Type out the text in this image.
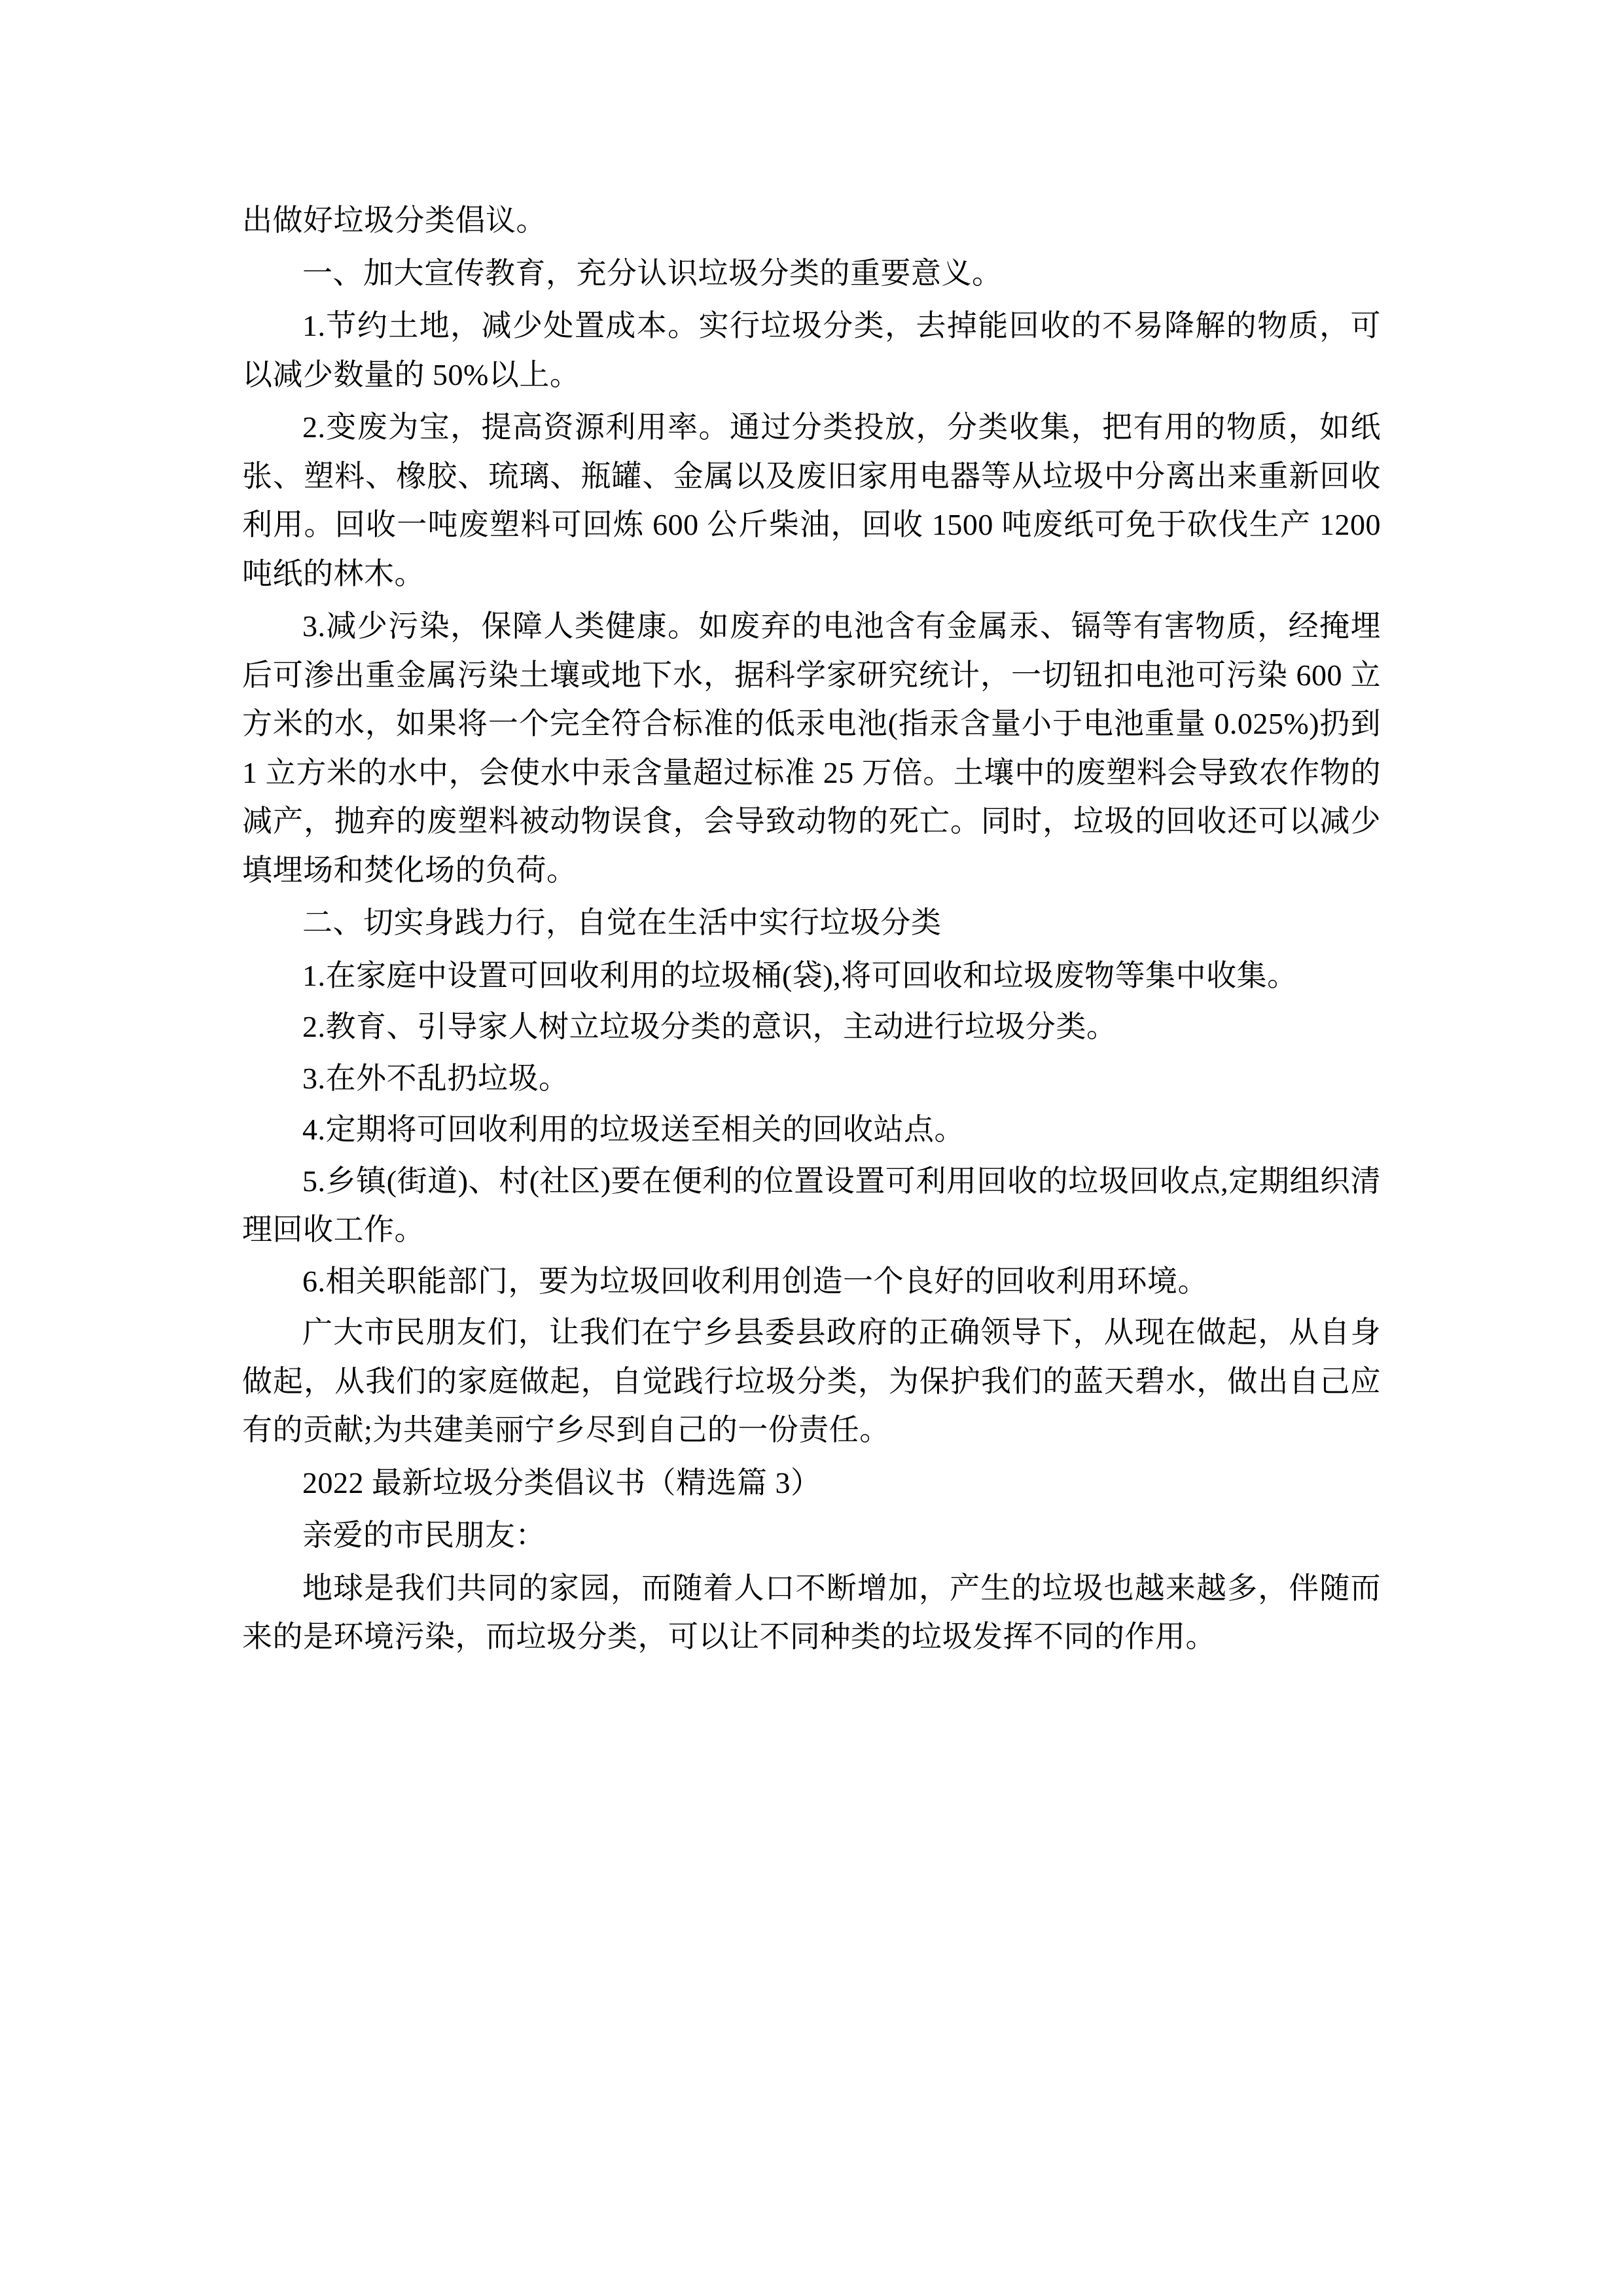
出做好垃圾分类倡议。

一、加大宣传教育，充分认识垃圾分类的重要意义。

1.节约土地，减少处置成本。实行垃圾分类，去掉能回收的不易降解的物质，可以减少数量的 50%以上。

2.变废为宝，提高资源利用率。通过分类投放，分类收集，把有用的物质，如纸张、塑料、橡胶、琉璃、瓶罐、金属以及废旧家用电器等从垃圾中分离出来重新回收利用。回收一吨废塑料可回炼 600 公斤柴油，回收 1500 吨废纸可免于砍伐生产 1200 吨纸的林木。

3.减少污染，保障人类健康。如废弃的电池含有金属汞、镉等有害物质，经掩埋后可渗出重金属污染土壤或地下水，据科学家研究统计，一切钮扣电池可污染 600 立方米的水，如果将一个完全符合标准的低汞电池(指汞含量小于电池重量 0.025%)扔到 1 立方米的水中，会使水中汞含量超过标准 25 万倍。土壤中的废塑料会导致农作物的减产，抛弃的废塑料被动物误食，会导致动物的死亡。同时，垃圾的回收还可以减少填埋场和焚化场的负荷。

二、切实身践力行，自觉在生活中实行垃圾分类

1.在家庭中设置可回收利用的垃圾桶(袋),将可回收和垃圾废物等集中收集。

2.教育、引导家人树立垃圾分类的意识，主动进行垃圾分类。

3.在外不乱扔垃圾。

4.定期将可回收利用的垃圾送至相关的回收站点。

5.乡镇(街道)、村(社区)要在便利的位置设置可利用回收的垃圾回收点,定期组织清理回收工作。

6.相关职能部门，要为垃圾回收利用创造一个良好的回收利用环境。

广大市民朋友们，让我们在宁乡县委县政府的正确领导下，从现在做起，从自身做起，从我们的家庭做起，自觉践行垃圾分类，为保护我们的蓝天碧水，做出自己应有的贡献;为共建美丽宁乡尽到自己的一份责任。

2022 最新垃圾分类倡议书（精选篇 3）

亲爱的市民朋友：

地球是我们共同的家园，而随着人口不断增加，产生的垃圾也越来越多，伴随而来的是环境污染，而垃圾分类，可以让不同种类的垃圾发挥不同的作用。
